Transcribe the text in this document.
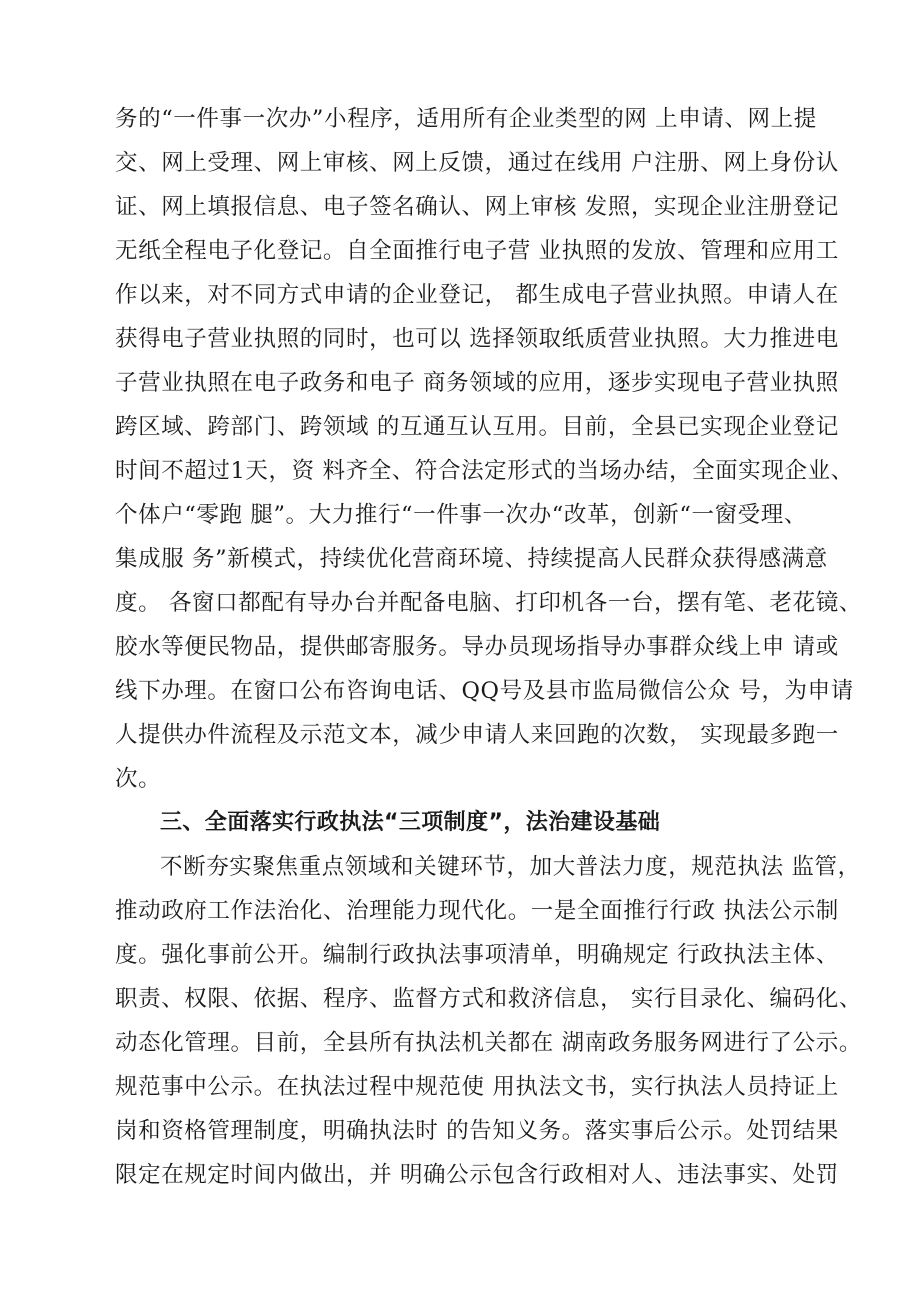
务的“一件事一次办”小程序，适用所有企业类型的网 上申请、网上提
交、网上受理、网上审核、网上反馈，通过在线用 户注册、网上身份认
证、网上填报信息、电子签名确认、网上审核 发照，实现企业注册登记
无纸全程电子化登记。自全面推行电子营 业执照的发放、管理和应用工
作以来，对不同方式申请的企业登记， 都生成电子营业执照。申请人在
获得电子营业执照的同时，也可以 选择领取纸质营业执照。大力推进电
子营业执照在电子政务和电子 商务领域的应用，逐步实现电子营业执照
跨区域、跨部门、跨领域 的互通互认互用。目前，全县已实现企业登记
时间不超过1天，资 料齐全、符合法定形式的当场办结，全面实现企业、
个体户“零跑 腿”。大力推行“一件事一次办“改革，创新“一窗受理、
集成服 务”新模式，持续优化营商环境、持续提高人民群众获得感满意
度。 各窗口都配有导办台并配备电脑、打印机各一台，摆有笔、老花镜、
胶水等便民物品，提供邮寄服务。导办员现场指导办事群众线上申 请或
线下办理。在窗口公布咨询电话、QQ号及县市监局微信公众 号，为申请
人提供办件流程及示范文本，减少申请人来回跑的次数， 实现最多跑一
次。
三、全面落实行政执法“三项制度”，法治建设基础
不断夯实聚焦重点领域和关键环节，加大普法力度，规范执法 监管，
推动政府工作法治化、治理能力现代化。一是全面推行行政 执法公示制
度。强化事前公开。编制行政执法事项清单，明确规定 行政执法主体、
职责、权限、依据、程序、监督方式和救济信息， 实行目录化、编码化、
动态化管理。目前，全县所有执法机关都在 湖南政务服务网进行了公示。
规范事中公示。在执法过程中规范使 用执法文书，实行执法人员持证上
岗和资格管理制度，明确执法时 的告知义务。落实事后公示。处罚结果
限定在规定时间内做出，并 明确公示包含行政相对人、违法事实、处罚
